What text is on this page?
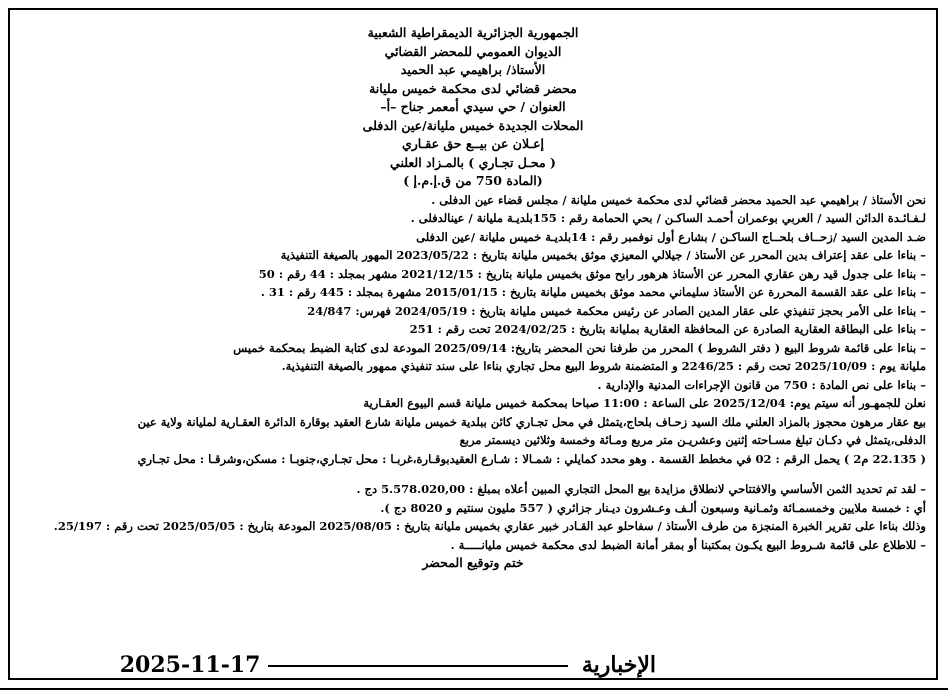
الجمهورية الجزائرية الديمقراطية الشعبية
الديوان العمومي للمحضر القضائي
الأستاذ/ براهيمي عبد الحميد
محضر قضائي لدى محكمة خميس مليانة
العنوان / حي سيدي أمعمر جناح –أ–
المحلات الجديدة خميس مليانة/عين الدفلى
إعـلان عن بيــع حق عقـاري
( محـل تجـاري ) بالمـزاد العلني
(المادة 750 من ق.إ.م.إ )
نحن الأستاذ / براهيمي عبد الحميد محضر قضائي لدى محكمة خميس مليانة / مجلس قضاء عين الدفلى .
لـفـائـدة الدائن السيد / العربي بوعمران أحمـد الساكـن / بحي الحمامة رقم : 155بلديـة مليانة / عينالدفلى .
ضـد المدين السيد /زحــاف بلحــاج الساكـن / بشارع أول نوفمبر رقم : 14بلديـة خميس مليانة /عين الدفلى
– بناءا على عقد إعتراف بدين المحرر عن الأستاذ / جيلالي المعيزي موثق بخميس مليانة بتاريخ : 2023/05/22 المهور بالصيغة التنفيذية
– بناءا على جدول قيد رهن عقاري المحرر عن الأستاذ هرهور رابح موثق بخميس مليانة بتاريخ : 2021/12/15 مشهر بمجلد : 44 رقم : 50
– بناءا على عقد القسمة المحررة عن الأستاذ سليماني محمد موثق بخميس مليانة بتاريخ : 2015/01/15 مشهرة بمجلد : 445 رقم : 31 .
– بناءا على الأمر بحجز تنفيذي على عقار المدين الصادر عن رئيس محكمة خميس مليانة بتاريخ : 2024/05/19 فهرس: 24/847
– بناءا على البطاقة العقارية الصادرة عن المحافظة العقارية بمليانة بتاريخ : 2024/02/25 تحت رقم : 251
– بناءا على قائمة شروط البيع ( دفتر الشروط ) المحرر من طرفنا نحن المحضر بتاريخ: 2025/09/14 المودعة لدى كتابة الضبط بمحكمة خميس
مليانة يوم : 2025/10/09 تحت رقم : 2246/25 و المتضمنة شروط البيع محل تجاري بناءا على سند تنفيذي ممهور بالصيغة التنفيذية.
– بناءا على نص المادة : 750 من قانون الإجراءات المدنية والإدارية .
نعلن للجمهـور أنه سيتم يوم: 2025/12/04 على الساعة : 11:00 صباحا بمحكمة خميس مليانة قسم البيوع العقـارية
بيع عقار مرهون محجوز بالمزاد العلني ملك السيد زحـاف بلحاج،يتمثل في محل تجـاري كائن ببلدية خميس مليانة شارع العقيد بوقارة الدائرة العقـارية لمليانة ولاية عين
الدفلى،يتمثل في دكـان تبلغ مسـاحته إثنين وعشريـن متر مربع ومـائة وخمسة وثلاثين ديسمتر مربع
( 22.135 م2 ) يحمل الرقم : 02 في مخطط القسمة . وهو محدد كمايلي : شمـالا : شـارع العقيدبوقـارة،غربـا : محل تجـاري،جنوبـا : مسكن،وشرقـا : محل تجـاري
– لقد تم تحديد الثمن الأساسي والافتتاحي لانطلاق مزايدة بيع المحل التجاري المبين أعلاه بمبلغ : 5.578.020,00 دج .
أي : خمسة ملايين وخمسمـائة وثمـانية وسبعون ألـف وعـشرون ديـنار جزائري ( 557 مليون سنتيم و 8020 دج ).
وذلك بناءا على تقرير الخبرة المنجزة من طرف الأستاذ / سفاحلو عبد القـادر خبير عقاري بخميس مليانة بتاريخ : 2025/08/05 المودعة بتاريخ : 2025/05/05 تحت رقم : 25/197.
– للاطلاع على قائمة شـروط البيع يكـون بمكتبنا أو بمقر أمانة الضبط لدى محكمة خميس مليانـــــة .
ختم وتوقيع المحضر
الإخبارية  17-11-2025
